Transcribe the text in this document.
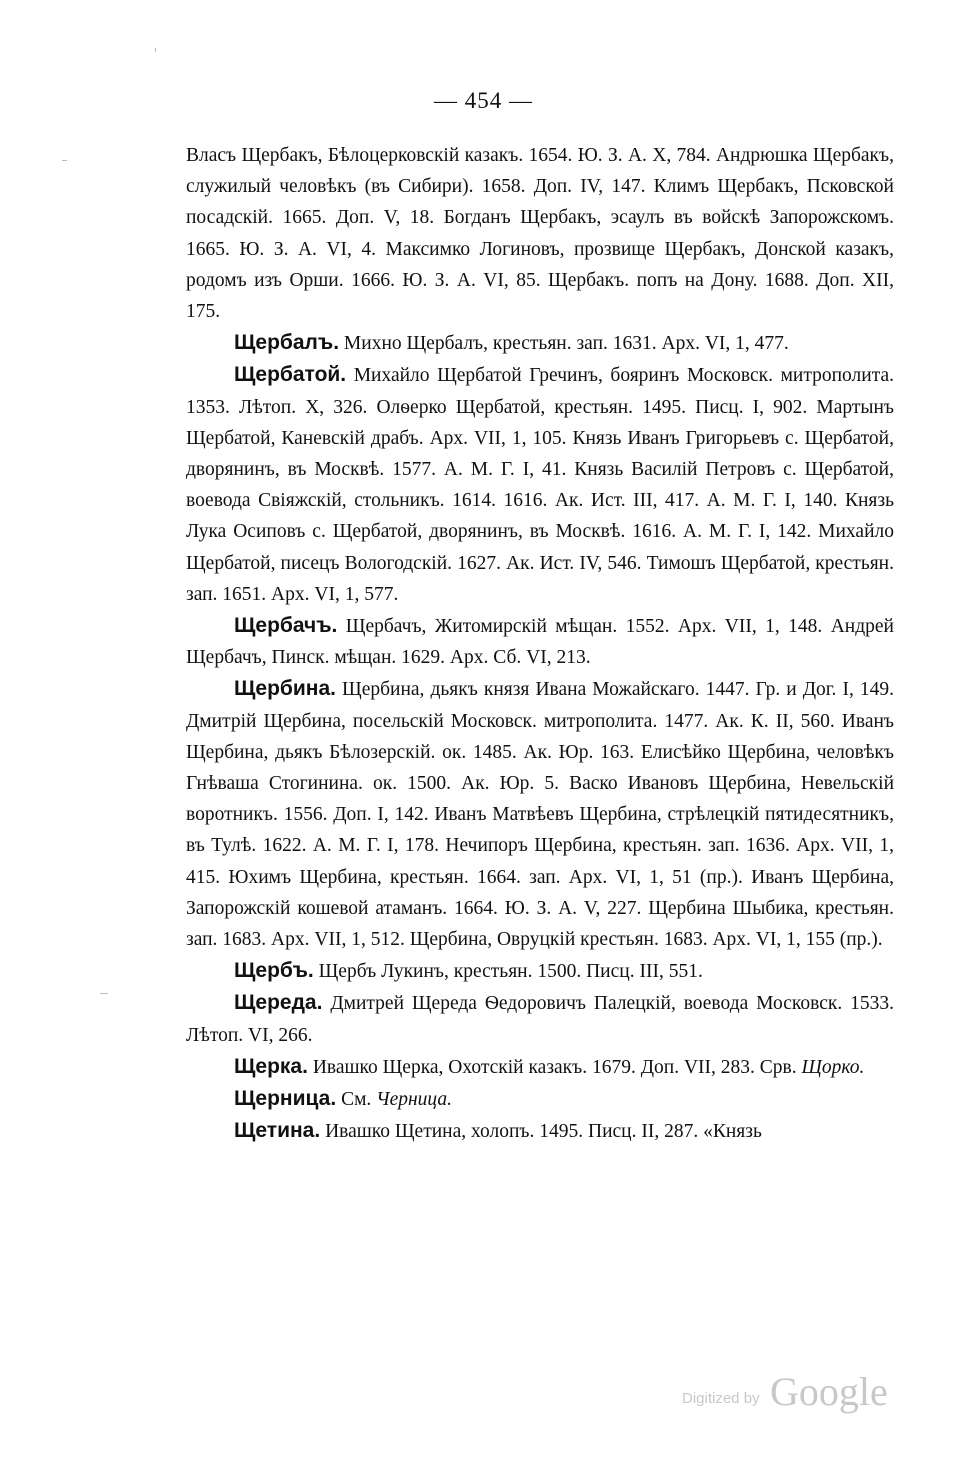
— 454 —

Власъ Щербакъ, Бѣлоцерковскій казакъ. 1654. Ю. З. А. X, 784. Андрюшка Щербакъ, служилый человѣкъ (въ Сибири). 1658. Доп. IV, 147. Климъ Щербакъ, Псковской посадскій. 1665. Доп. V, 18. Богданъ Щербакъ, эсаулъ въ войскѣ Запорожскомъ. 1665. Ю. З. А. VI, 4. Максимко Логиновъ, прозвище Щербакъ, Донской казакъ, родомъ изъ Орши. 1666. Ю. З. А. VI, 85. Щербакъ. попъ на Дону. 1688. Доп. XII, 175.

Щербалъ. Михно Щербалъ, крестьян. зап. 1631. Арх. VI, 1, 477.

Щербатой. Михайло Щербатой Гречинъ, бояринъ Московск. митрополита. 1353. Лѣтоп. X, 326. Олѳерко Щербатой, крестьян. 1495. Писц. I, 902. Мартынъ Щербатой, Каневскій драбъ. Арх. VII, 1, 105. Князь Иванъ Григорьевъ с. Щербатой, дворянинъ, въ Москвѣ. 1577. А. М. Г. I, 41. Князь Василій Петровъ с. Щербатой, воевода Свіяжскій, стольникъ. 1614. 1616. Ак. Ист. III, 417. А. М. Г. I, 140. Князь Лука Осиповъ с. Щербатой, дворянинъ, въ Москвѣ. 1616. А. М. Г. I, 142. Михайло Щербатой, писецъ Вологодскій. 1627. Ак. Ист. IV, 546. Тимошъ Щербатой, крестьян. зап. 1651. Арх. VI, 1, 577.

Щербачъ. Щербачъ, Житомирскій мѣщан. 1552. Арх. VII, 1, 148. Андрей Щербачъ, Пинск. мѣщан. 1629. Арх. Сб. VI, 213.

Щербина. Щербина, дьякъ князя Ивана Можайскаго. 1447. Гр. и Дог. I, 149. Дмитрій Щербина, посельскій Московск. митрополита. 1477. Ак. К. II, 560. Иванъ Щербина, дьякъ Бѣлозерскій. ок. 1485. Ак. Юр. 163. Елисѣйко Щербина, человѣкъ Гнѣваша Стогинина. ок. 1500. Ак. Юр. 5. Васко Ивановъ Щербина, Невельскій воротникъ. 1556. Доп. I, 142. Иванъ Матвѣевъ Щербина, стрѣлецкій пятидесятникъ, въ Тулѣ. 1622. А. М. Г. I, 178. Нечипоръ Щербина, крестьян. зап. 1636. Арх. VII, 1, 415. Юхимъ Щербина, крестьян. 1664. зап. Арх. VI, 1, 51 (пр.). Иванъ Щербина, Запорожскій кошевой атаманъ. 1664. Ю. З. А. V, 227. Щербина Шыбика, крестьян. зап. 1683. Арх. VII, 1, 512. Щербина, Овруцкій крестьян. 1683. Арх. VI, 1, 155 (пр.).

Щербъ. Щербъ Лукинъ, крестьян. 1500. Писц. III, 551.

Щереда. Дмитрей Щереда Ѳедоровичъ Палецкій, воевода Московск. 1533. Лѣтоп. VI, 266.

Щерка. Ивашко Щерка, Охотскій казакъ. 1679. Доп. VII, 283. Срв. Щорко.

Щерница. См. Черница.

Щетина. Ивашко Щетина, холопъ. 1495. Писц. II, 287. «Князь

Digitized by Google
